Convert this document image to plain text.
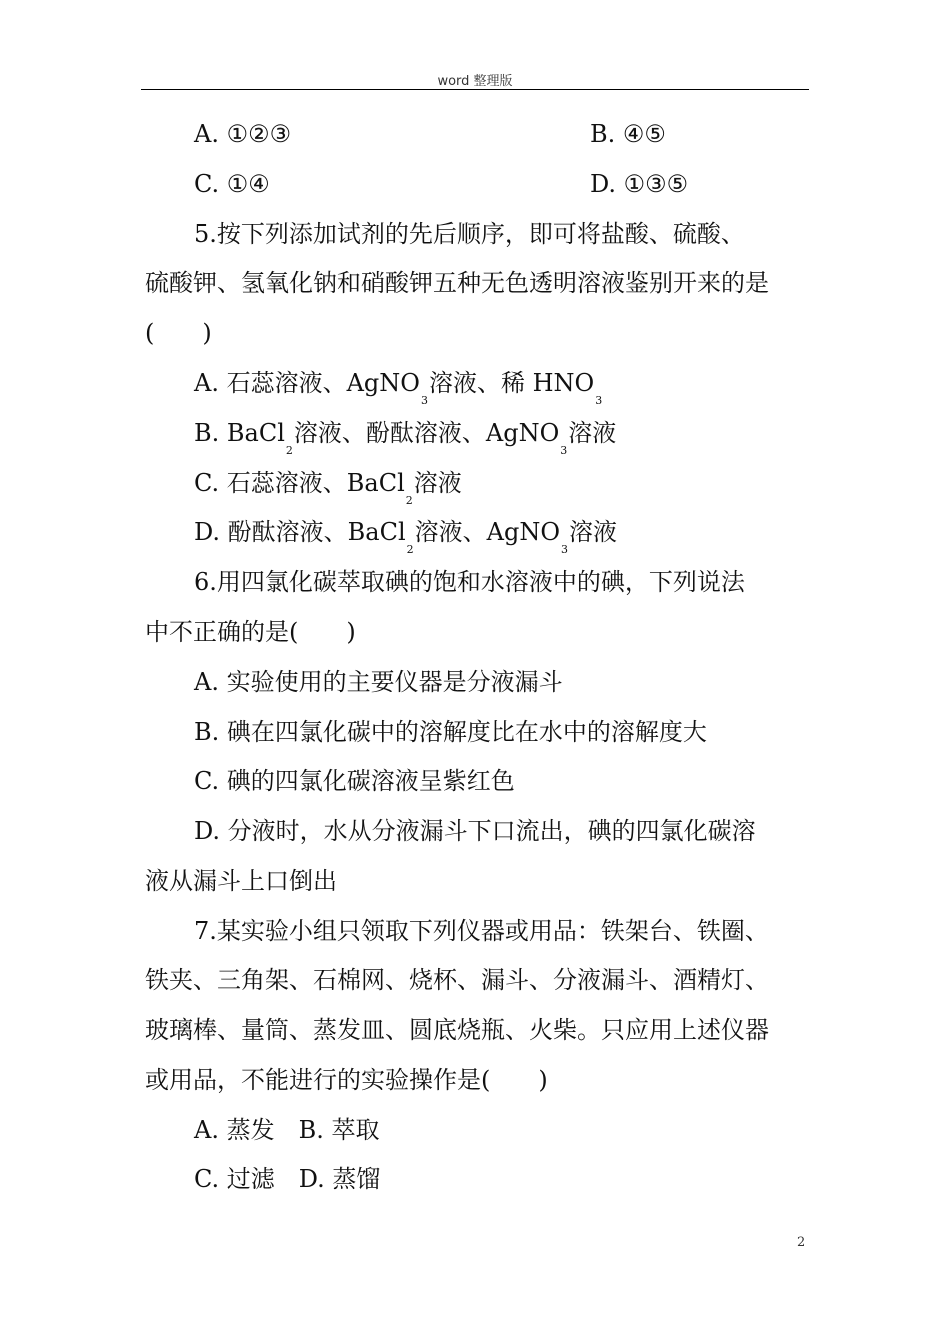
word 整理版
A. ①②③	B. ④⑤
C. ①④	D. ①③⑤
5.按下列添加试剂的先后顺序，即可将盐酸、硫酸、
硫酸钾、氢氧化钠和硝酸钾五种无色透明溶液鉴别开来的是
(　　)
A. 石蕊溶液、AgNO$_3$溶液、稀 $HNO_3$
B. BaCl$_2$溶液、酚酞溶液、AgNO$_3$溶液
C. 石蕊溶液、BaCl$_2$溶液
D. 酚酞溶液、BaCl$_2$溶液、AgNO$_3$溶液
6.用四氯化碳萃取碘的饱和水溶液中的碘，下列说法
中不正确的是(　　)
A. 实验使用的主要仪器是分液漏斗
B. 碘在四氯化碳中的溶解度比在水中的溶解度大
C. 碘的四氯化碳溶液呈紫红色
D. 分液时，水从分液漏斗下口流出，碘的四氯化碳溶
液从漏斗上口倒出
7.某实验小组只领取下列仪器或用品：铁架台、铁圈、
铁夹、三角架、石棉网、烧杯、漏斗、分液漏斗、酒精灯、
玻璃棒、量筒、蒸发皿、圆底烧瓶、火柴。只应用上述仪器
或用品，不能进行的实验操作是(　　)
A. 蒸发　B. 萃取
C. 过滤　D. 蒸馏
2
